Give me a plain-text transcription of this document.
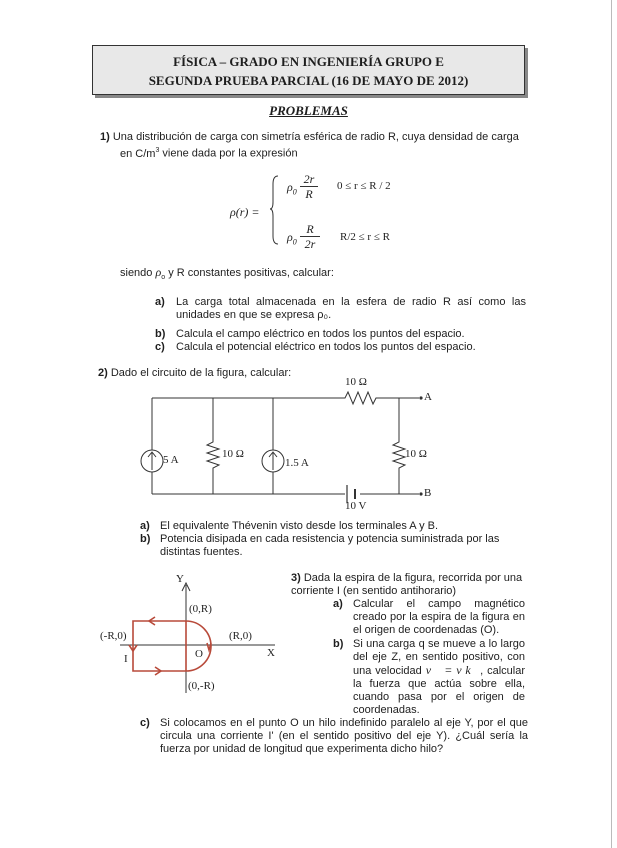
FÍSICA – GRADO EN INGENIERÍA GRUPO E
SEGUNDA PRUEBA PARCIAL (16 DE MAYO DE 2012)
PROBLEMAS
1) Una distribución de carga con simetría esférica de radio R, cuya densidad de carga
en $C/m^3$ viene dada por la expresión
ρ(r) =
$\rho_0$
2r
R
0 ≤ r ≤ R / 2
$\rho_0$
R
2r	R/2 ≤ r ≤ R
siendo $\rho_o$ y R constantes positivas, calcular:
a) La carga total almacenada en la esfera de radio R así como las unidades en que se expresa ρ₀.
b) Calcula el campo eléctrico en todos los puntos del espacio.
c) Calcula el potencial eléctrico en todos los puntos del espacio.
2) Dado el circuito de la figura, calcular:
10 Ω
A
B
5 A	10 Ω
1.5 A
10 Ω
10 V
a) El equivalente Thévenin visto desde los terminales A y B.
b) Potencia disipada en cada resistencia y potencia suministrada por las distintas fuentes.
Y
X
O
(0,R)
(-R,0)	(R,0)
(0,-R)
I
3) Dada la espira de la figura, recorrida por una corriente I (en sentido antihorario)
a) Calcular el campo magnético creado por la espira de la figura en el origen de coordenadas (O).
b) Si una carga q se mueve a lo largo del eje Z, en sentido positivo, con una velocidad v⃗ = v k⃗, calcular la fuerza que actúa sobre ella, cuando pasa por el origen de coordenadas.
c) Si colocamos en el punto O un hilo indefinido paralelo al eje Y, por el que circula una corriente I' (en el sentido positivo del eje Y). ¿Cuál sería la fuerza por unidad de longitud que experimenta dicho hilo?
